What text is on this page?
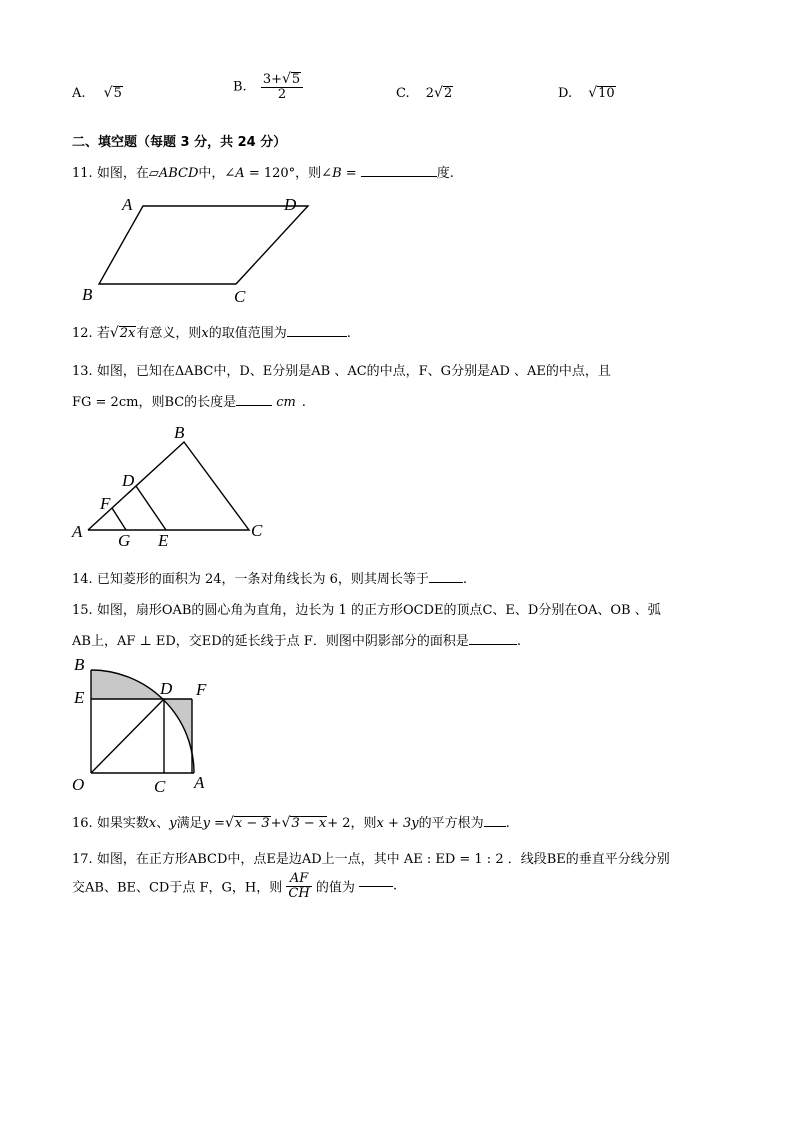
A. √5	B. $\frac{3+√5}{2}$	C. 2√2	D. √10
二、填空题（每题 3 分，共 24 分）
11. 如图，在▱ABCD中，∠A = 120°，则∠B =	度.
A	D
B	C
12. 若√2x有意义，则x的取值范围为	.
13. 如图，已知在ΔABC中，D、E分别是AB 、AC的中点，F、G分别是AD 、AE的中点，且
FG = 2cm，则BC的长度是	cm .
B
D
F
A G E
C
14. 已知菱形的面积为 24，一条对角线长为 6，则其周长等于	.
15. 如图，扇形OAB的圆心角为直角，边长为 1 的正方形OCDE的顶点C、E、D分别在OA、OB 、弧
AB上，AF ⊥ ED，交ED的延长线于点 F．则图中阴影部分的面积是	.
B
E	D F
O	C A
16. 如果实数x、y满足y =√x − 3+√3 − x+ 2，则x + 3y的平方根为 .
17. 如图，在正方形ABCD中，点E是边AD上一点，其中 AE : ED = 1 : 2 ．线段BE的垂直平分线分别
交AB、BE、CD于点 F，G，H，则 $\frac{AF}{CH}$ 的值为	.
